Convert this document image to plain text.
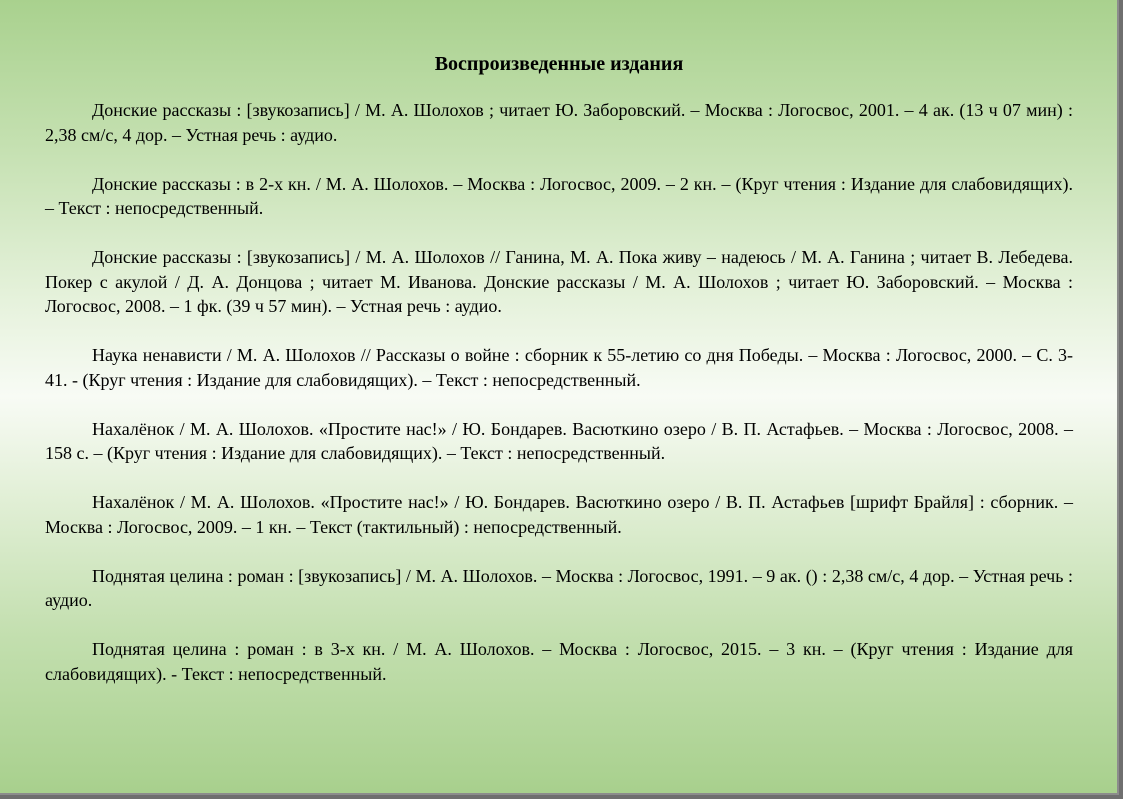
Воспроизведенные издания

Донские рассказы : [звукозапись] / М. А. Шолохов ; читает Ю. Заборовский. – Москва : Логосвос, 2001. – 4 ак. (13 ч 07 мин) : 2,38 см/с, 4 дор. – Устная речь : аудио.

Донские рассказы : в 2-х кн. / М. А. Шолохов. – Москва : Логосвос, 2009. – 2 кн. – (Круг чтения : Издание для слабовидящих). – Текст : непосредственный.

Донские рассказы : [звукозапись] / М. А. Шолохов // Ганина, М. А. Пока живу – надеюсь / М. А. Ганина ; читает В. Лебедева. Покер с акулой / Д. А. Донцова ; читает М. Иванова. Донские рассказы / М. А. Шолохов ; читает Ю. Заборовский. – Москва : Логосвос, 2008. – 1 фк. (39 ч 57 мин). – Устная речь : аудио.

Наука ненависти / М. А. Шолохов // Рассказы о войне : сборник к 55-летию со дня Победы. – Москва : Логосвос, 2000. – С. 3-41. - (Круг чтения : Издание для слабовидящих). – Текст : непосредственный.

Нахалёнок / М. А. Шолохов. «Простите нас!» / Ю. Бондарев. Васюткино озеро / В. П. Астафьев. – Москва : Логосвос, 2008. – 158 с. – (Круг чтения : Издание для слабовидящих). – Текст : непосредственный.

Нахалёнок / М. А. Шолохов. «Простите нас!» / Ю. Бондарев. Васюткино озеро / В. П. Астафьев [шрифт Брайля] : сборник. – Москва : Логосвос, 2009. – 1 кн. – Текст (тактильный) : непосредственный.

Поднятая целина : роман : [звукозапись] / М. А. Шолохов. – Москва : Логосвос, 1991. – 9 ак. () : 2,38 см/с, 4 дор. – Устная речь : аудио.

Поднятая целина : роман : в 3-х кн. / М. А. Шолохов. – Москва : Логосвос, 2015. – 3 кн. – (Круг чтения : Издание для слабовидящих). - Текст : непосредственный.
